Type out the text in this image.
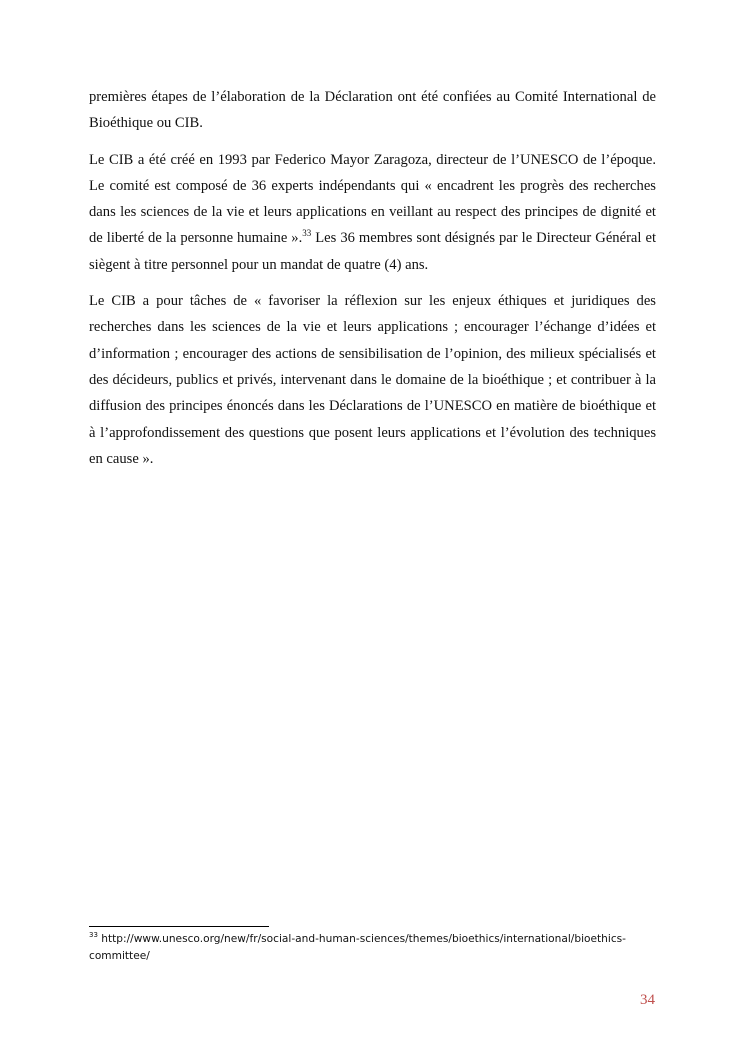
premières étapes de l’élaboration de la Déclaration ont été confiées au Comité International de Bioéthique ou CIB.

Le CIB a été créé en 1993 par Federico Mayor Zaragoza, directeur de l’UNESCO de l’époque. Le comité est composé de 36 experts indépendants qui « encadrent les progrès des recherches dans les sciences de la vie et leurs applications en veillant au respect des principes de dignité et de liberté de la personne humaine ».$^{33}$ Les 36 membres sont désignés par le Directeur Général et siègent à titre personnel pour un mandat de quatre (4) ans.

Le CIB a pour tâches de « favoriser la réflexion sur les enjeux éthiques et juridiques des recherches dans les sciences de la vie et leurs applications ; encourager l’échange d’idées et d’information ; encourager des actions de sensibilisation de l’opinion, des milieux spécialisés et des décideurs, publics et privés, intervenant dans le domaine de la bioéthique ; et contribuer à la diffusion des principes énoncés dans les Déclarations de l’UNESCO en matière de bioéthique et à l’approfondissement des questions que posent leurs applications et l’évolution des techniques en cause ».

$^{33}$ http://www.unesco.org/new/fr/social-and-human-sciences/themes/bioethics/international/bioethics-committee/
34
